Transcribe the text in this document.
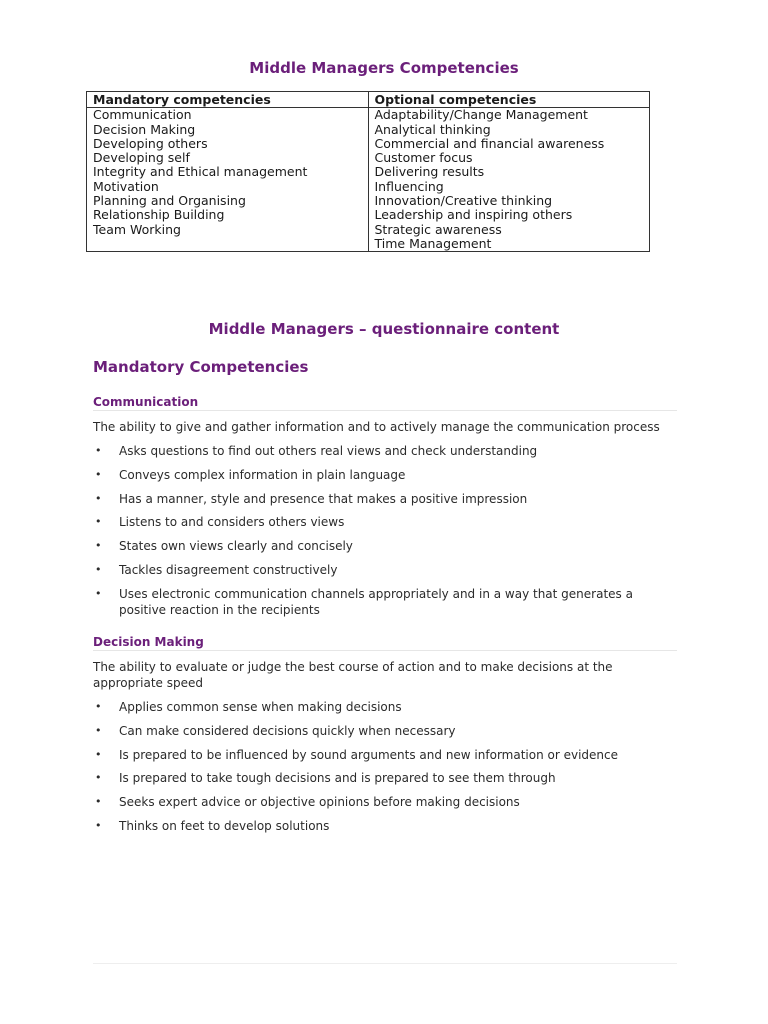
Middle Managers Competencies
Mandatory competencies	Optional competencies
Communication	Adaptability/Change Management
Decision Making	Analytical thinking
Developing others	Commercial and financial awareness
Developing self	Customer focus
Integrity and Ethical management	Delivering results
Motivation	Influencing
Planning and Organising	Innovation/Creative thinking
Relationship Building	Leadership and inspiring others
Team Working	Strategic awareness
	Time Management
Middle Managers – questionnaire content
Mandatory Competencies
Communication
The ability to give and gather information and to actively manage the communication process
• Asks questions to find out others real views and check understanding
• Conveys complex information in plain language
• Has a manner, style and presence that makes a positive impression
• Listens to and considers others views
• States own views clearly and concisely
• Tackles disagreement constructively
• Uses electronic communication channels appropriately and in a way that generates a positive reaction in the recipients
Decision Making
The ability to evaluate or judge the best course of action and to make decisions at the appropriate speed
• Applies common sense when making decisions
• Can make considered decisions quickly when necessary
• Is prepared to be influenced by sound arguments and new information or evidence
• Is prepared to take tough decisions and is prepared to see them through
• Seeks expert advice or objective opinions before making decisions
• Thinks on feet to develop solutions
